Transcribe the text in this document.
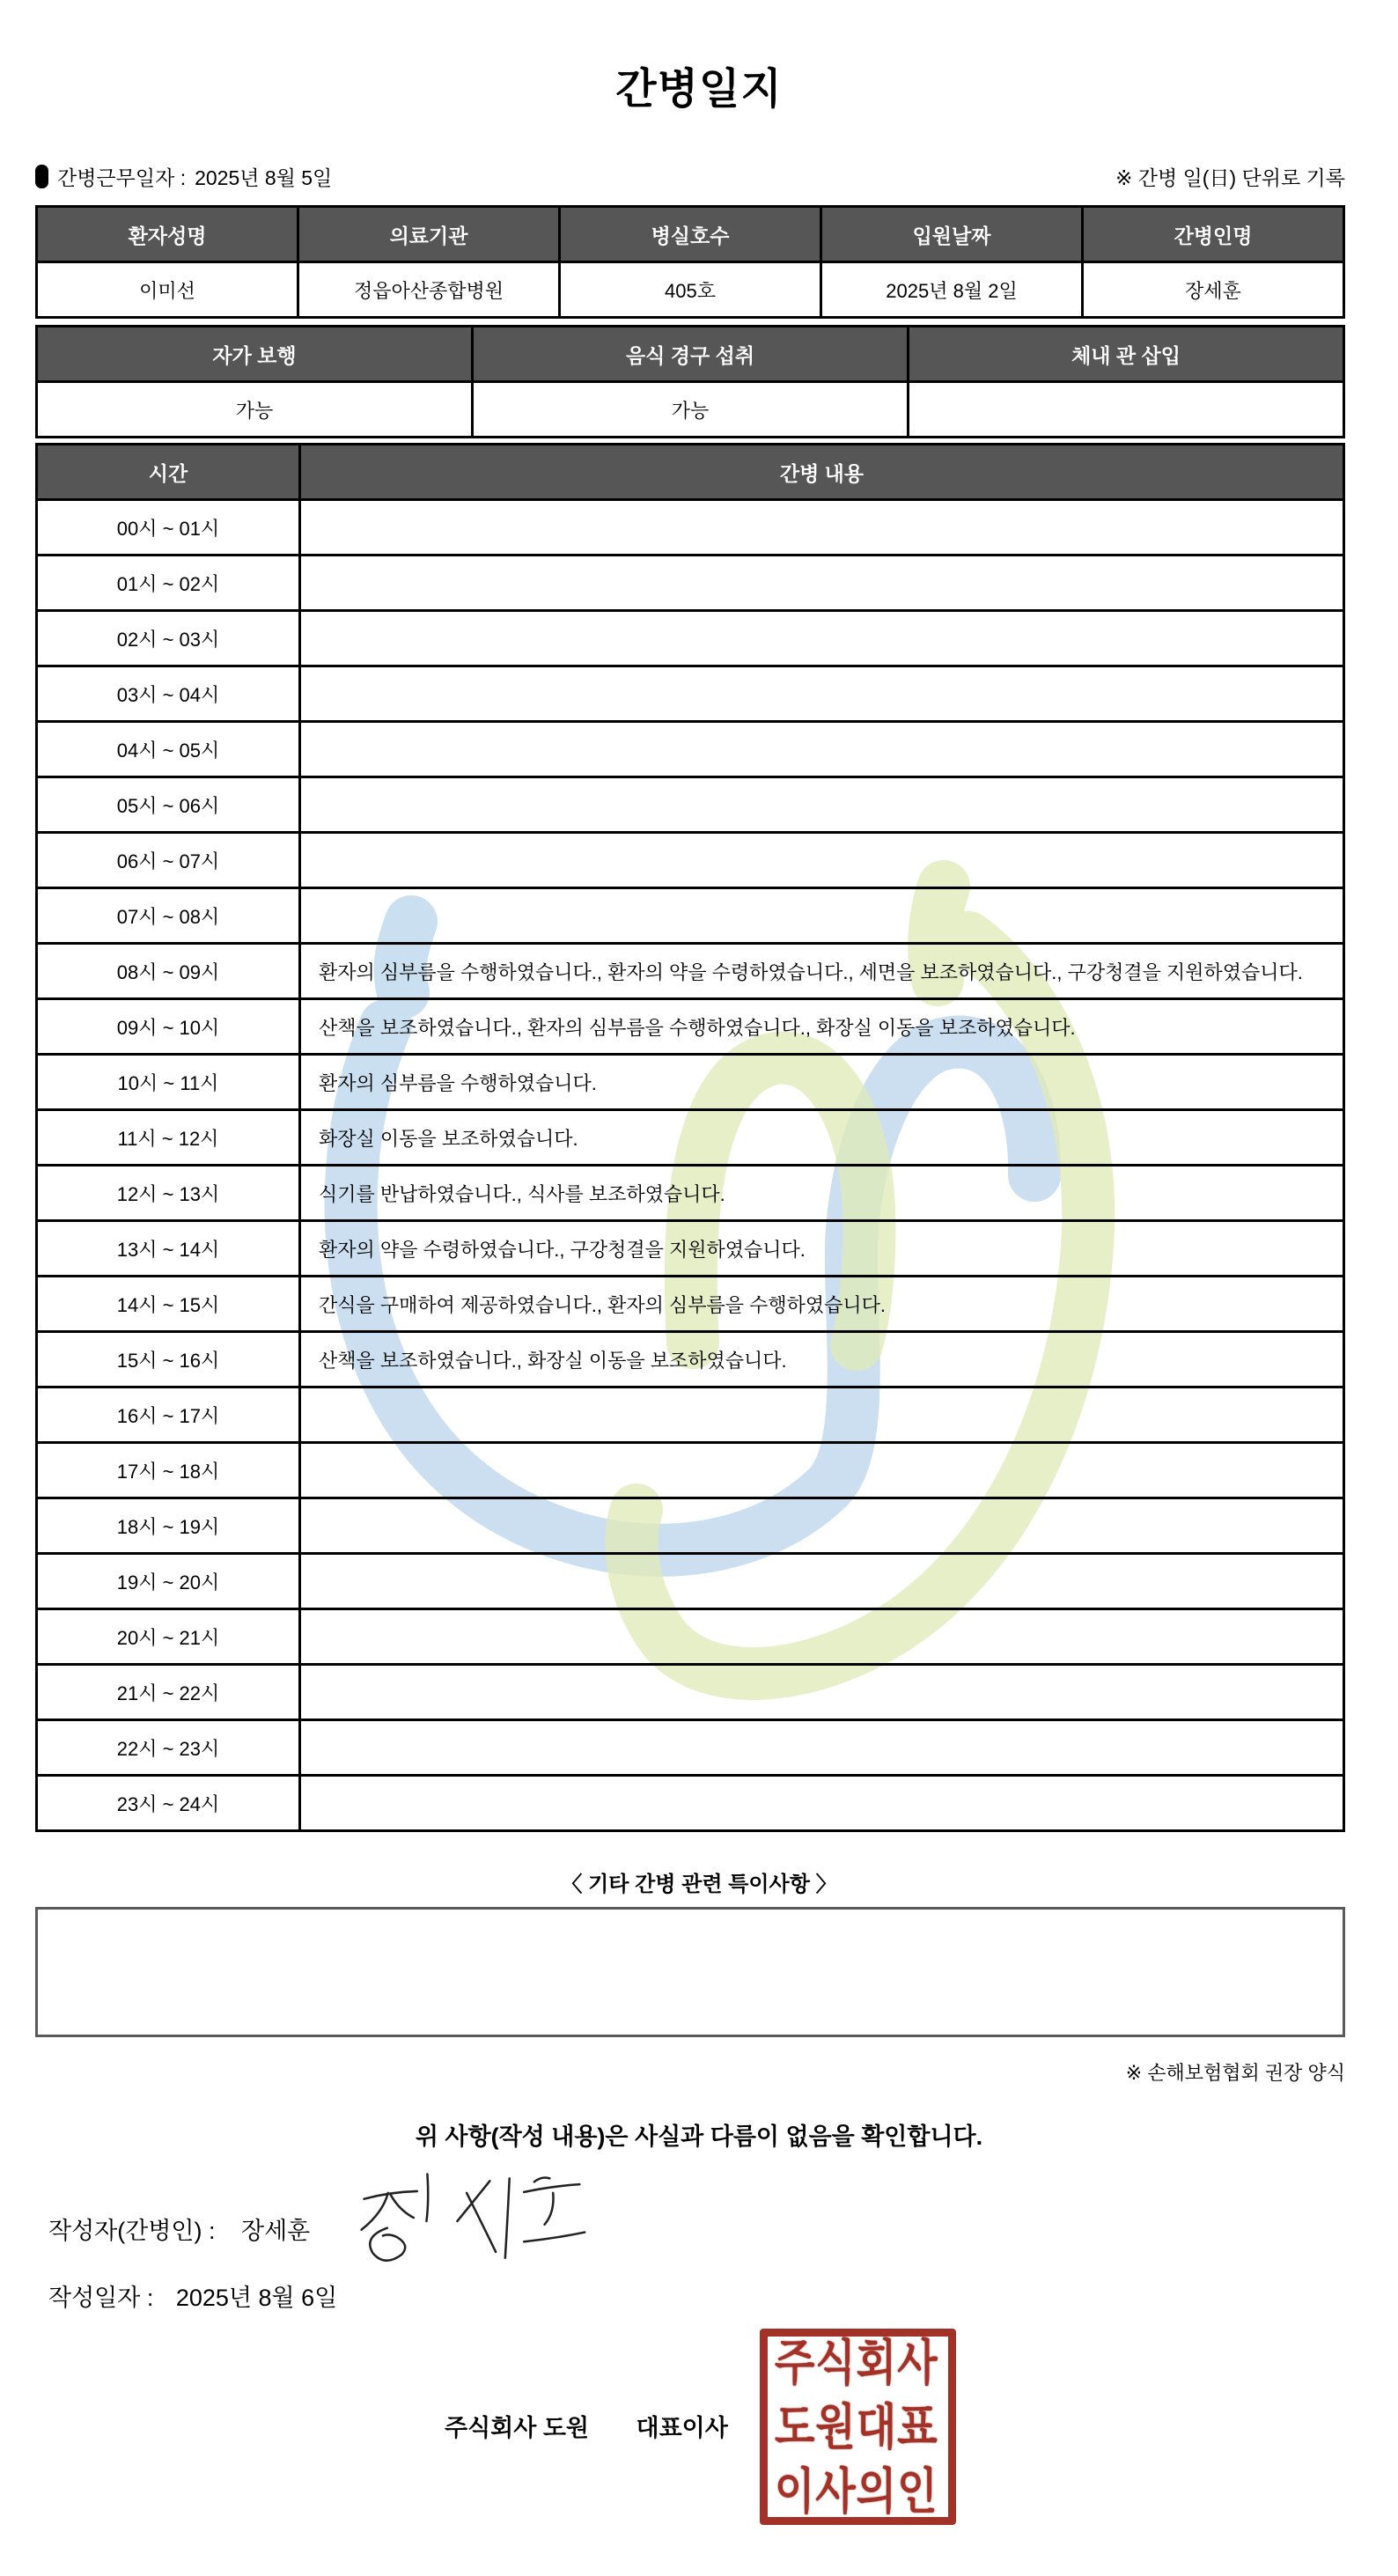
간병일지
간병근무일자 : 2025년 8월 5일	※ 간병 일(日) 단위로 기록
환자성명	의료기관	병실호수	입원날짜	간병인명
이미선	정읍아산종합병원	405호	2025년 8월 2일	장세훈
자가 보행	음식 경구 섭취	체내 관 삽입
가능	가능	
시간	간병 내용
00시 ~ 01시	
01시 ~ 02시	
02시 ~ 03시	
03시 ~ 04시	
04시 ~ 05시	
05시 ~ 06시	
06시 ~ 07시	
07시 ~ 08시	
08시 ~ 09시	환자의 심부름을 수행하였습니다., 환자의 약을 수령하였습니다., 세면을 보조하였습니다., 구강청결을 지원하였습니다.
09시 ~ 10시	산책을 보조하였습니다., 환자의 심부름을 수행하였습니다., 화장실 이동을 보조하였습니다.
10시 ~ 11시	환자의 심부름을 수행하였습니다.
11시 ~ 12시	화장실 이동을 보조하였습니다.
12시 ~ 13시	식기를 반납하였습니다., 식사를 보조하였습니다.
13시 ~ 14시	환자의 약을 수령하였습니다., 구강청결을 지원하였습니다.
14시 ~ 15시	간식을 구매하여 제공하였습니다., 환자의 심부름을 수행하였습니다.
15시 ~ 16시	산책을 보조하였습니다., 화장실 이동을 보조하였습니다.
16시 ~ 17시	
17시 ~ 18시	
18시 ~ 19시	
19시 ~ 20시	
20시 ~ 21시	
21시 ~ 22시	
22시 ~ 23시	
23시 ~ 24시	
〈 기타 간병 관련 특이사항 〉
※ 손해보험협회 권장 양식
위 사항(작성 내용)은 사실과 다름이 없음을 확인합니다.
작성자(간병인) : 장세훈
작성일자 : 2025년 8월 6일
주식회사 도원 대표이사
주식회사
도원대표
이사의인
